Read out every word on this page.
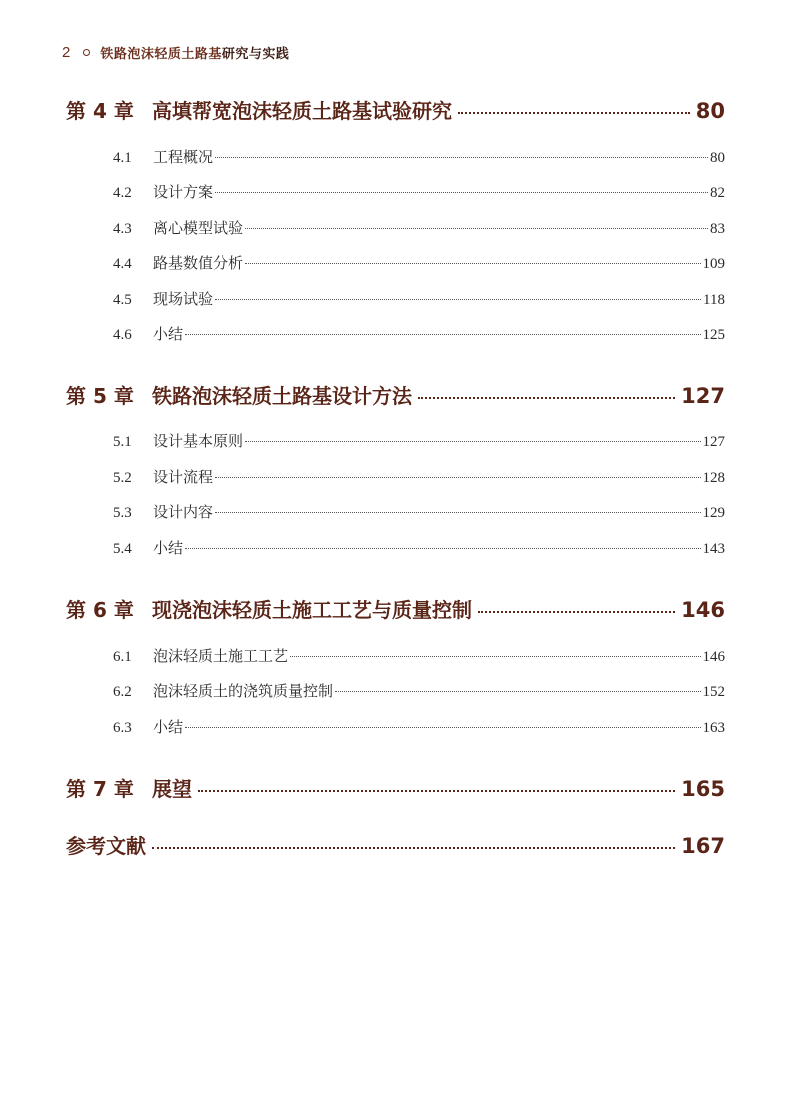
2 铁路泡沫轻质土路基研究与实践
第 4 章 高填帮宽泡沫轻质土路基试验研究	80
4.1	工程概况	80
4.2	设计方案	82
4.3	离心模型试验	83
4.4	路基数值分析	109
4.5	现场试验	118
4.6	小结	125
第 5 章 铁路泡沫轻质土路基设计方法	127
5.1	设计基本原则	127
5.2	设计流程	128
5.3	设计内容	129
5.4	小结	143
第 6 章 现浇泡沫轻质土施工工艺与质量控制	146
6.1	泡沫轻质土施工工艺	146
6.2	泡沫轻质土的浇筑质量控制	152
6.3	小结	163
第 7 章 展望	165
参考文献	167
